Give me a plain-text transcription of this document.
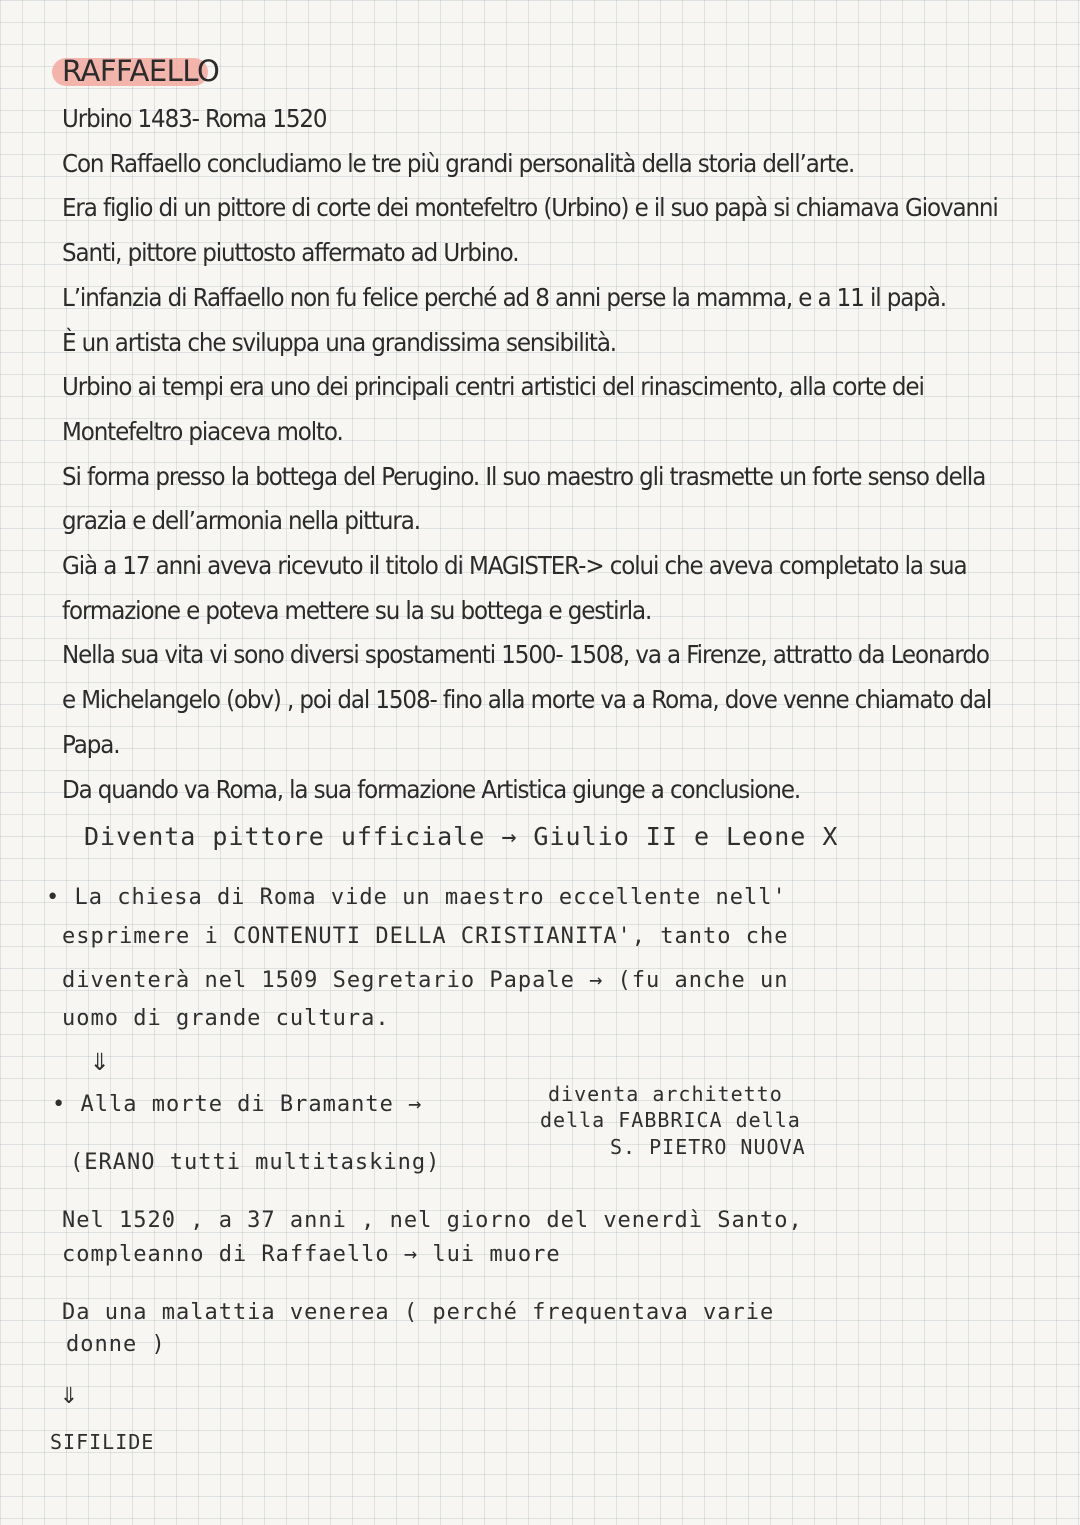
RAFFAELLO

Urbino 1483- Roma 1520

Con Raffaello concludiamo le tre più grandi personalità della storia dell’arte.

Era figlio di un pittore di corte dei montefeltro (Urbino) e il suo papà si chiamava Giovanni

Santi, pittore piuttosto affermato ad Urbino.

L’infanzia di Raffaello non fu felice perché ad 8 anni perse la mamma, e a 11 il papà.

È un artista che sviluppa una grandissima sensibilità.

Urbino ai tempi era uno dei principali centri artistici del rinascimento, alla corte dei

Montefeltro piaceva molto.

Si forma presso la bottega del Perugino. Il suo maestro gli trasmette un forte senso della

grazia e dell’armonia nella pittura.

Già a 17 anni aveva ricevuto il titolo di MAGISTER-> colui che aveva completato la sua

formazione e poteva mettere su la su bottega e gestirla.

Nella sua vita vi sono diversi spostamenti 1500- 1508, va a Firenze, attratto da Leonardo

e Michelangelo (obv) , poi dal 1508- fino alla morte va a Roma, dove venne chiamato dal

Papa.

Da quando va Roma, la sua formazione Artistica giunge a conclusione.

Diventa pittore ufficiale → Giulio II e Leone X
• La chiesa di Roma vide un maestro eccellente nell'
esprimere i CONTENUTI DELLA CRISTIANITA', tanto che
diventerà nel 1509 Segretario Papale → (fu anche un
uomo di grande cultura.
⇓
• Alla morte di Bramante →	diventa architetto
della FABBRICA della
S. PIETRO NUOVA
(ERANO tutti multitasking)
Nel 1520 , a 37 anni , nel giorno del venerdì Santo,
compleanno di Raffaello → lui muore
Da una malattia venerea ( perché frequentava varie
donne )
⇓
SIFILIDE
